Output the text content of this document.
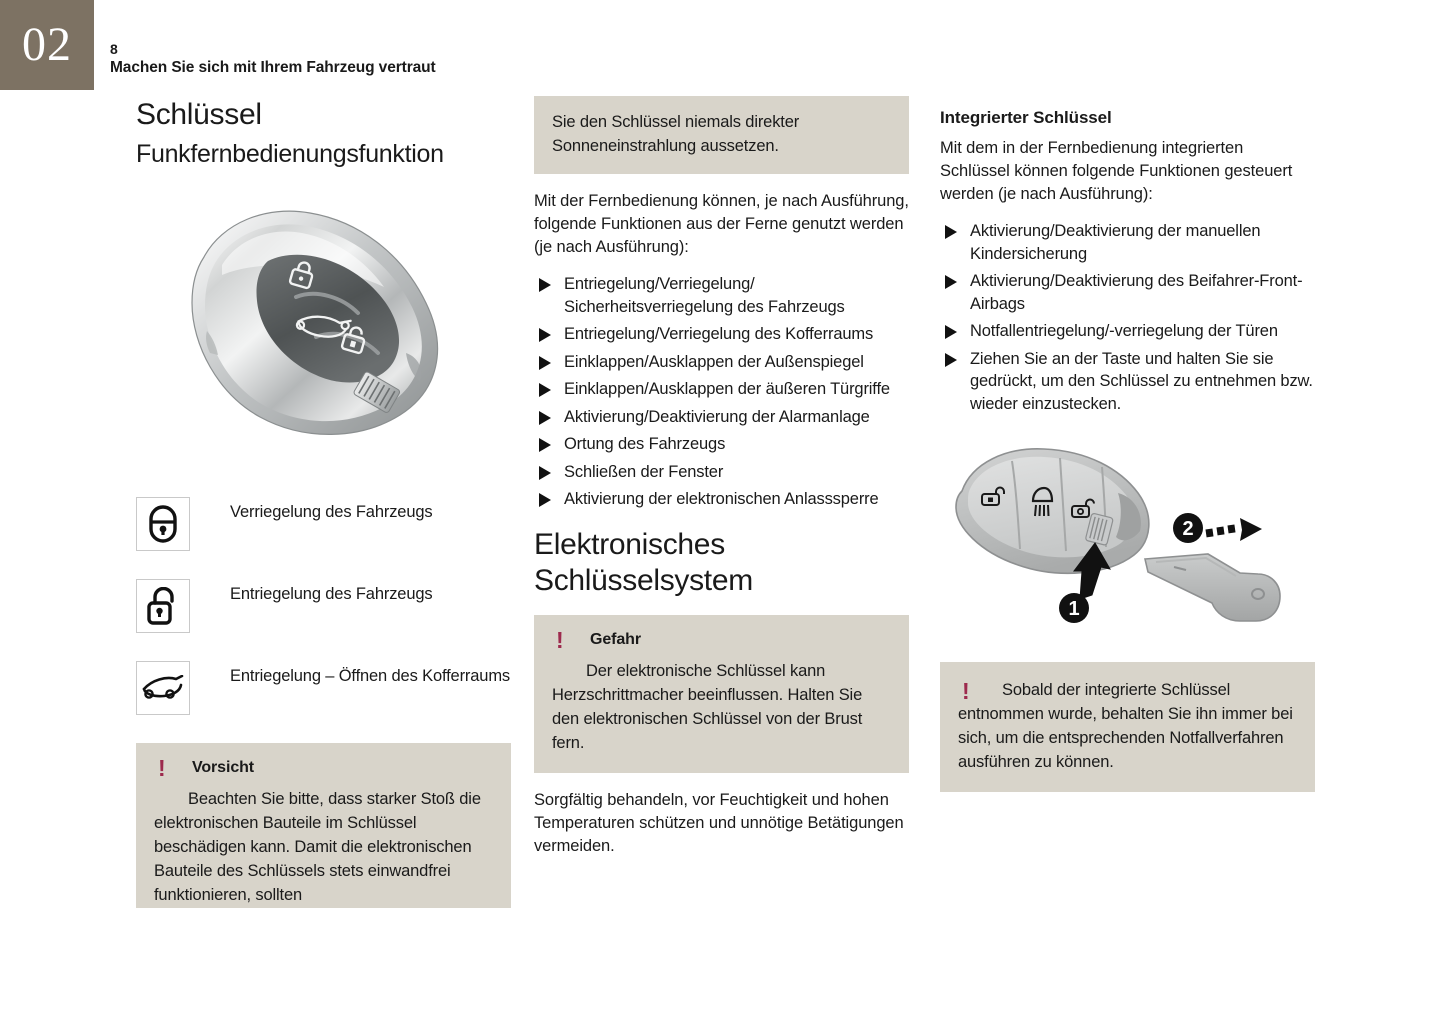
02	8
Machen Sie sich mit Ihrem Fahrzeug vertraut
Schlüssel
Funkfernbedienungsfunktion
Verriegelung des Fahrzeugs
Entriegelung des Fahrzeugs
Entriegelung – Öffnen des Kofferraums
! Vorsicht

Beachten Sie bitte, dass starker Stoß die elektronischen Bauteile im Schlüssel beschädigen kann. Damit die elektronischen Bauteile des Schlüssels stets einwandfrei funktionieren, sollten

Sie den Schlüssel niemals direkter Sonneneinstrahlung aussetzen.

Mit der Fernbedienung können, je nach Ausführung, folgende Funktionen aus der Ferne genutzt werden (je nach Ausführung):

Entriegelung/Verriegelung/ Sicherheitsverriegelung des Fahrzeugs
Entriegelung/Verriegelung des Kofferraums
Einklappen/Ausklappen der Außenspiegel
Einklappen/Ausklappen der äußeren Türgriffe
Aktivierung/Deaktivierung der Alarmanlage
Ortung des Fahrzeugs
Schließen der Fenster
Aktivierung der elektronischen Anlasssperre
Elektronisches
Schlüsselsystem
! Gefahr

Der elektronische Schlüssel kann Herzschrittmacher beeinflussen. Halten Sie den elektronischen Schlüssel von der Brust fern.

Sorgfältig behandeln, vor Feuchtigkeit und hohen Temperaturen schützen und unnötige Betätigungen vermeiden.

Integrierter Schlüssel

Mit dem in der Fernbedienung integrierten Schlüssel können folgende Funktionen gesteuert werden (je nach Ausführung):

Aktivierung/Deaktivierung der manuellen Kindersicherung
Aktivierung/Deaktivierung des Beifahrer-Front-Airbags
Notfallentriegelung/-verriegelung der Türen
Ziehen Sie an der Taste und halten Sie sie gedrückt, um den Schlüssel zu entnehmen bzw. wieder einzustecken.
1
2
!	Sobald der integrierte Schlüssel entnommen wurde, behalten Sie ihn immer bei sich, um die entsprechenden Notfallverfahren ausführen zu können.
